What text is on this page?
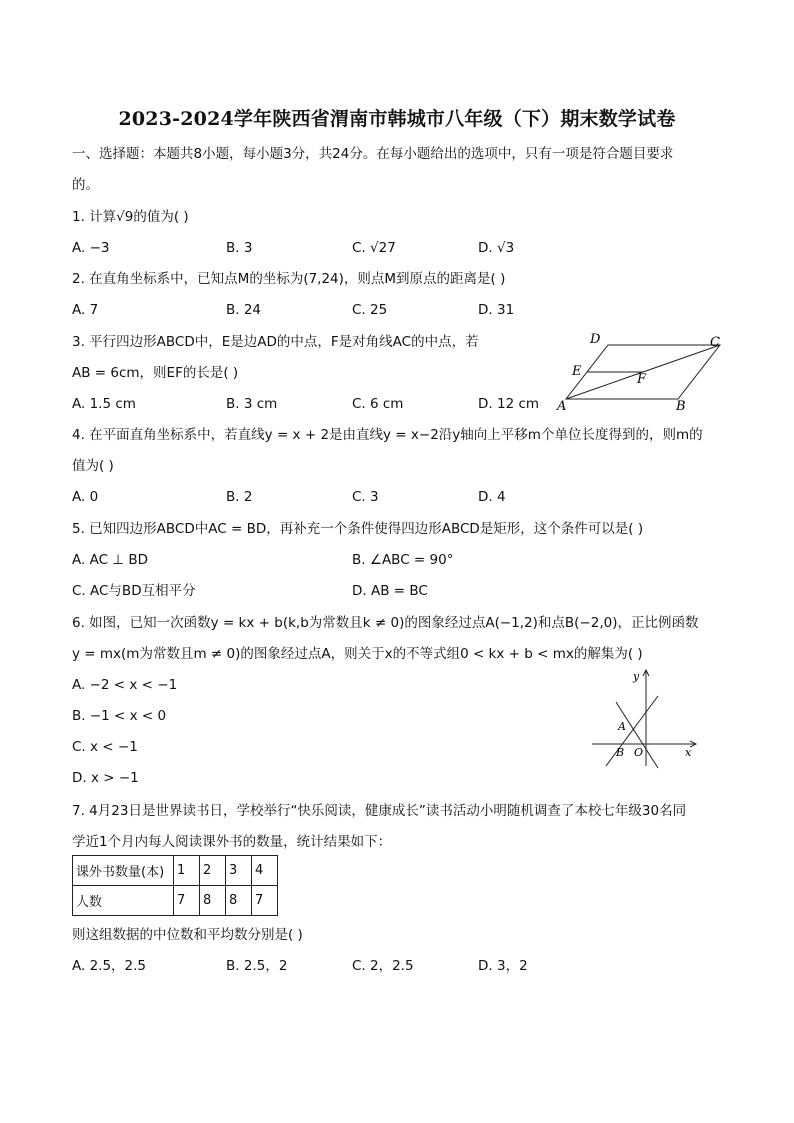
2023-2024学年陕西省渭南市韩城市八年级（下）期末数学试卷
一、选择题：本题共8小题，每小题3分，共24分。在每小题给出的选项中，只有一项是符合题目要求
的。
1. 计算√9的值为( )
A. −3	B. 3	C. √27	D. √3
2. 在直角坐标系中，已知点M的坐标为(7,24)，则点M到原点的距离是( )
A. 7	B. 24	C. 25	D. 31
3. 平行四边形ABCD中，E是边AD的中点，F是对角线AC的中点，若
AB = 6cm，则EF的长是( )
A. 1.5 cm	B. 3 cm	C. 6 cm	D. 12 cm A	B
C
D
E
F
4. 在平面直角坐标系中，若直线y = x + 2是由直线y = x−2沿y轴向上平移m个单位长度得到的，则m的
值为( )
A. 0	B. 2	C. 3	D. 4
5. 已知四边形ABCD中AC = BD，再补充一个条件使得四边形ABCD是矩形，这个条件可以是( )
A. AC ⊥ BD	B. ∠ABC = 90°
C. AC与BD互相平分	D. AB = BC
6. 如图，已知一次函数y = kx + b(k,b为常数且k ≠ 0)的图象经过点A(−1,2)和点B(−2,0)，正比例函数
y = mx(m为常数且m ≠ 0)的图象经过点A，则关于x的不等式组0 < kx + b < mx的解集为( )
A. −2 < x < −1
B. −1 < x < 0
C. x < −1
D. x > −1
y
x
A
B O
7. 4月23日是世界读书日，学校举行“快乐阅读，健康成长”读书活动小明随机调查了本校七年级30名同
学近1个月内每人阅读课外书的数量，统计结果如下：
课外书数量(本)	1	2	3	4
人数	7	8	8	7
则这组数据的中位数和平均数分别是( )
A. 2.5，2.5	B. 2.5，2	C. 2，2.5	D. 3，2
